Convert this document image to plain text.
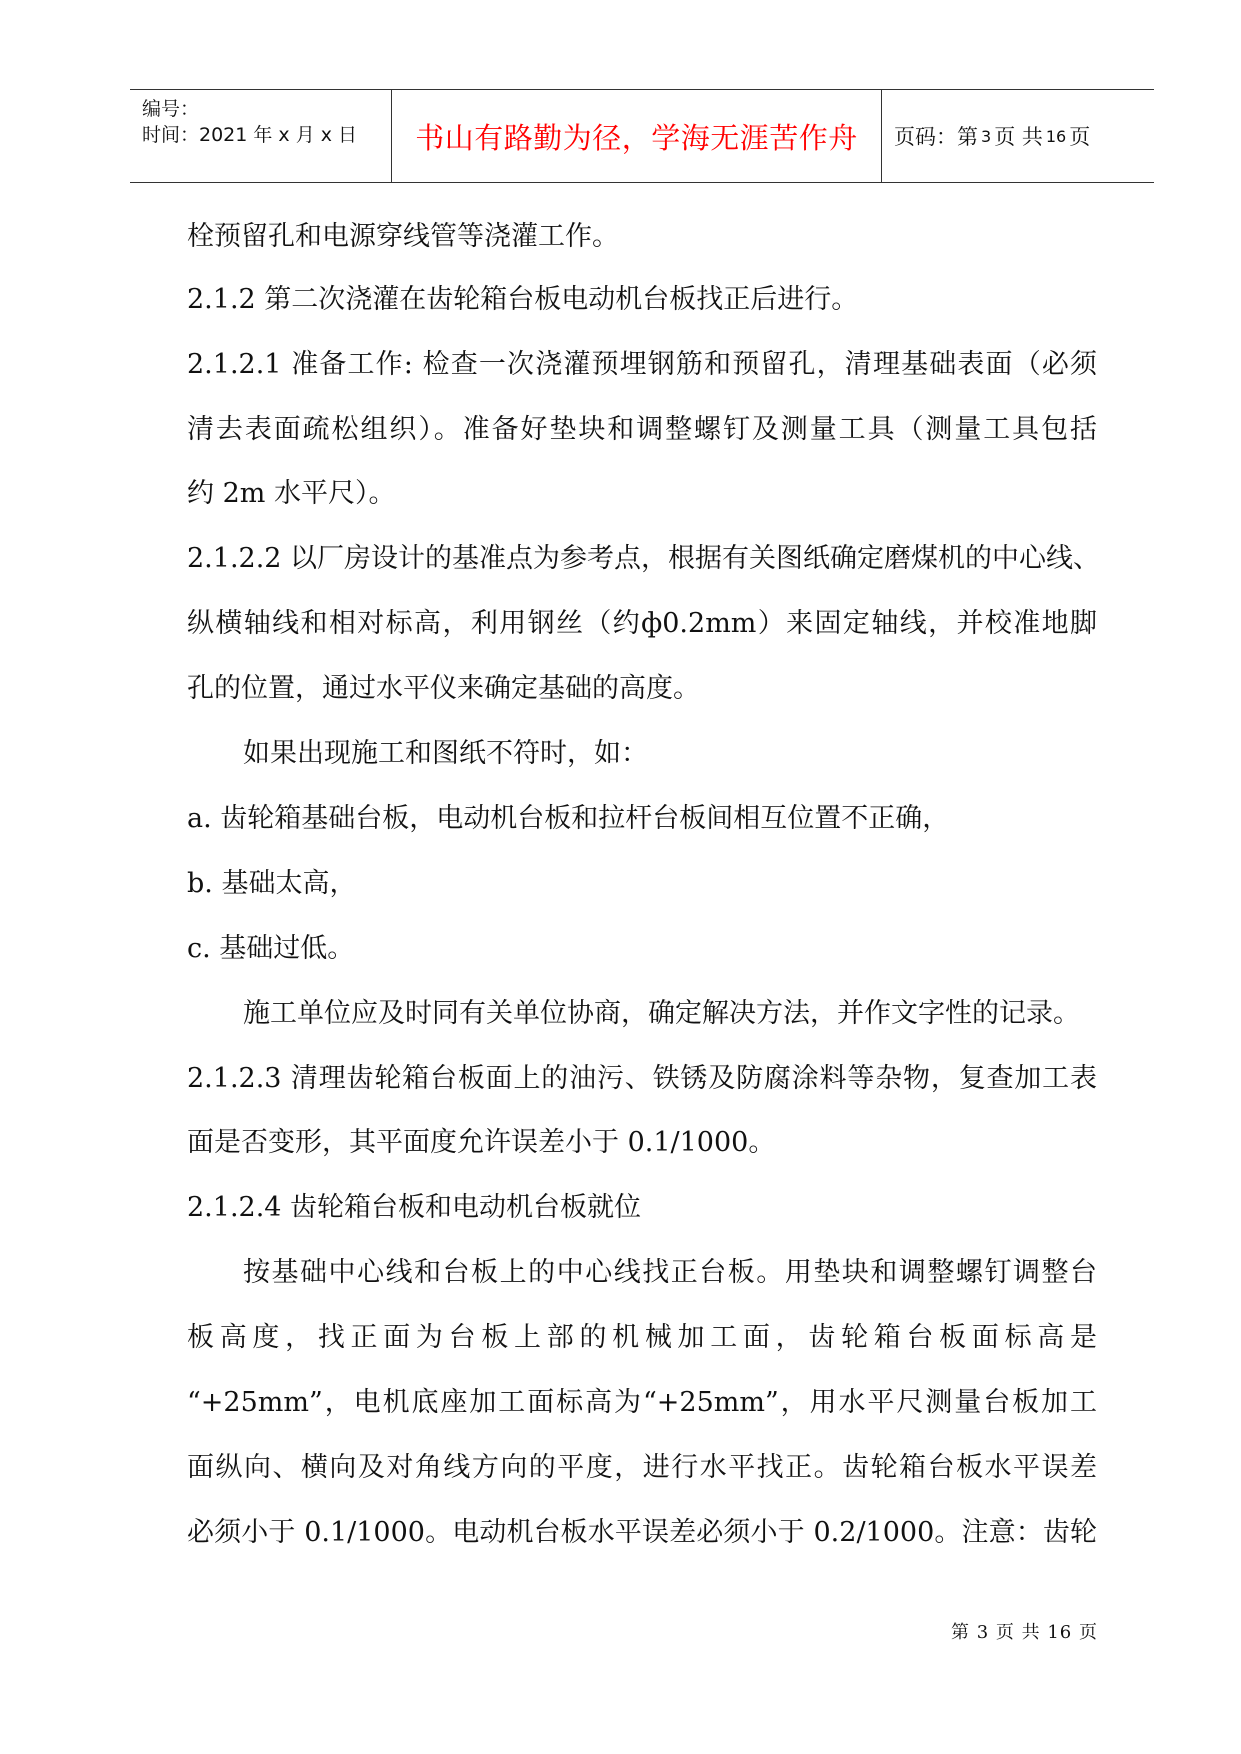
编号：
时间：2021 年 x 月 x 日	书山有路勤为径，学海无涯苦作舟	页码：第 3 页 共 16 页
栓预留孔和电源穿线管等浇灌工作。
2.1.2 第二次浇灌在齿轮箱台板电动机台板找正后进行。
2.1.2.1 准备工作: 检查一次浇灌预埋钢筋和预留孔，清理基础表面（必须
清去表面疏松组织）。准备好垫块和调整螺钉及测量工具（测量工具包括
约 2m 水平尺）。
2.1.2.2 以厂房设计的基准点为参考点，根据有关图纸确定磨煤机的中心线、
纵横轴线和相对标高，利用钢丝（约ф0.2mm）来固定轴线，并校准地脚
孔的位置，通过水平仪来确定基础的高度。
如果出现施工和图纸不符时，如：
a. 齿轮箱基础台板，电动机台板和拉杆台板间相互位置不正确，
b. 基础太高，
c. 基础过低。
施工单位应及时同有关单位协商，确定解决方法，并作文字性的记录。
2.1.2.3 清理齿轮箱台板面上的油污、铁锈及防腐涂料等杂物，复查加工表
面是否变形，其平面度允许误差小于 0.1/1000。
2.1.2.4 齿轮箱台板和电动机台板就位
按基础中心线和台板上的中心线找正台板。用垫块和调整螺钉调整台
板高度，找正面为台板上部的机械加工面，齿轮箱台板面标高是
“+25mm”，电机底座加工面标高为“+25mm”，用水平尺测量台板加工
面纵向、横向及对角线方向的平度，进行水平找正。齿轮箱台板水平误差
必须小于 0.1/1000。电动机台板水平误差必须小于 0.2/1000。注意：齿轮
第 3 页 共 16 页
